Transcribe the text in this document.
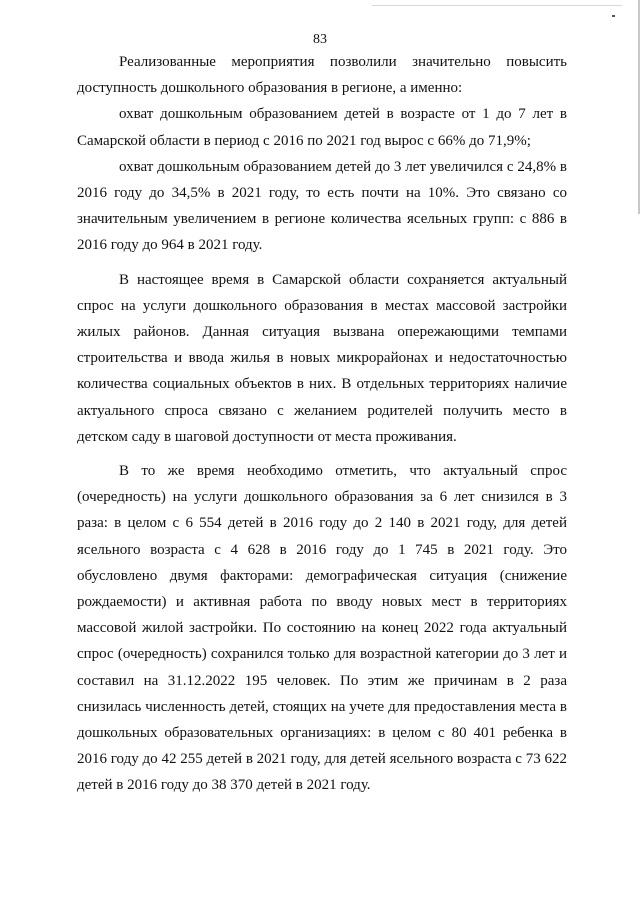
83

Реализованные мероприятия позволили значительно повысить доступность дошкольного образования в регионе, а именно:

охват дошкольным образованием детей в возрасте от 1 до 7 лет в Самарской области в период с 2016 по 2021 год вырос с 66% до 71,9%;

охват дошкольным образованием детей до 3 лет увеличился с 24,8% в 2016 году до 34,5% в 2021 году, то есть почти на 10%. Это связано со значительным увеличением в регионе количества ясельных групп: с 886 в 2016 году до 964 в 2021 году.

В настоящее время в Самарской области сохраняется актуальный спрос на услуги дошкольного образования в местах массовой застройки жилых районов. Данная ситуация вызвана опережающими темпами строительства и ввода жилья в новых микрорайонах и недостаточностью количества социальных объектов в них. В отдельных территориях наличие актуального спроса связано с желанием родителей получить место в детском саду в шаговой доступности от места проживания.

В то же время необходимо отметить, что актуальный спрос (очередность) на услуги дошкольного образования за 6 лет снизился в 3 раза: в целом с 6 554 детей в 2016 году до 2 140 в 2021 году, для детей ясельного возраста с 4 628 в 2016 году до 1 745 в 2021 году. Это обусловлено двумя факторами: демографическая ситуация (снижение рождаемости) и активная работа по вводу новых мест в территориях массовой жилой застройки. По состоянию на конец 2022 года актуальный спрос (очередность) сохранился только для возрастной категории до 3 лет и составил на 31.12.2022 195 человек. По этим же причинам в 2 раза снизилась численность детей, стоящих на учете для предоставления места в дошкольных образовательных организациях: в целом с 80 401 ребенка в 2016 году до 42 255 детей в 2021 году, для детей ясельного возраста с 73 622 детей в 2016 году до 38 370 детей в 2021 году.
